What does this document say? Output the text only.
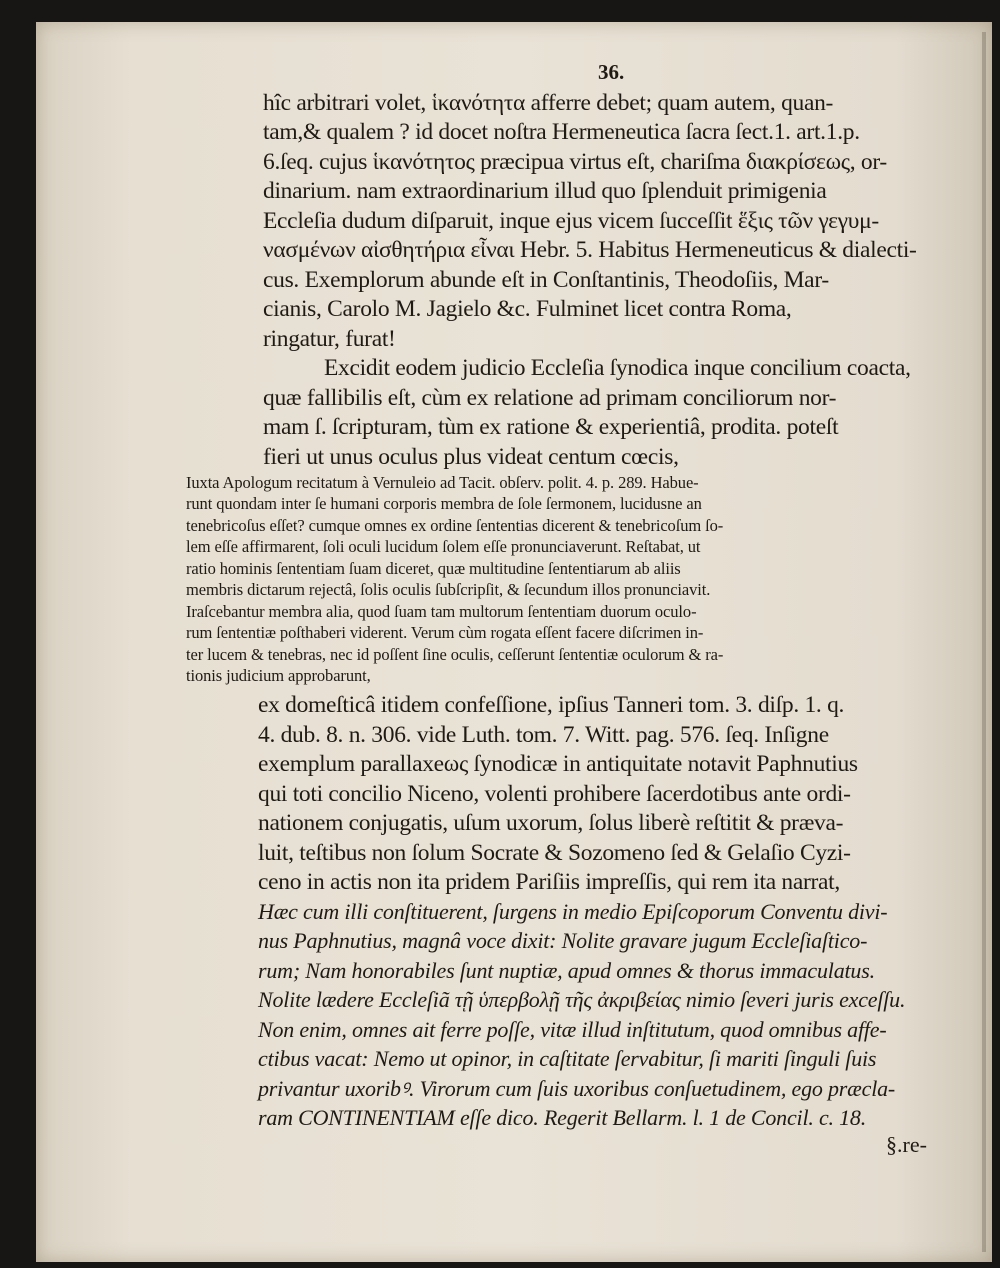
36.
hîc arbitrari volet, ἱκανότητα afferre debet; quam autem, quan-
tam,& qualem ? id docet noſtra Hermeneutica ſacra ſect.1. art.1.p.
6.ſeq. cujus ἱκανότητος præcipua virtus eſt, chariſma διακρίσεως, or-
dinarium. nam extraordinarium illud quo ſplenduit primigenia
Eccleſia dudum diſparuit, inque ejus vicem ſucceſſit ἕξις τῶν γεγυμ-
νασμένων αἰσθητήρια εἶναι Hebr. 5. Habitus Hermeneuticus & dialecti-
cus. Exemplorum abunde eſt in Conſtantinis, Theodoſiis, Mar-
cianis, Carolo M. Jagielo &c. Fulminet licet contra Roma,
ringatur, furat!
Excidit eodem judicio Eccleſia ſynodica inque concilium coacta,
quæ fallibilis eſt, cùm ex relatione ad primam conciliorum nor-
mam ſ. ſcripturam, tùm ex ratione & experientiâ, prodita. poteſt
fieri ut unus oculus plus videat centum cœcis,
Iuxta Apologum recitatum à Vernuleio ad Tacit. obſerv. polit. 4. p. 289. Habue-
runt quondam inter ſe humani corporis membra de ſole ſermonem, lucidusne an
tenebricoſus eſſet? cumque omnes ex ordine ſententias dicerent & tenebricoſum ſo-
lem eſſe affirmarent, ſoli oculi lucidum ſolem eſſe pronunciaverunt. Reſtabat, ut
ratio hominis ſententiam ſuam diceret, quæ multitudine ſententiarum ab aliis
membris dictarum rejectâ, ſolis oculis ſubſcripſit, & ſecundum illos pronunciavit.
Iraſcebantur membra alia, quod ſuam tam multorum ſententiam duorum oculo-
rum ſententiæ poſthaberi viderent. Verum cùm rogata eſſent facere diſcrimen in-
ter lucem & tenebras, nec id poſſent ſine oculis, ceſſerunt ſententiæ oculorum & ra-
tionis judicium approbarunt,
ex domeſticâ itidem confeſſione, ipſius Tanneri tom. 3. diſp. 1. q.
4. dub. 8. n. 306. vide Luth. tom. 7. Witt. pag. 576. ſeq. Inſigne
exemplum parallaxeως ſynodicæ in antiquitate notavit Paphnutius
qui toti concilio Niceno, volenti prohibere ſacerdotibus ante ordi-
nationem conjugatis, uſum uxorum, ſolus liberè reſtitit & præva-
luit, teſtibus non ſolum Socrate & Sozomeno ſed & Gelaſio Cyzi-
ceno in actis non ita pridem Pariſiis impreſſis, qui rem ita narrat,
Hæc cum illi conſtituerent, ſurgens in medio Epiſcoporum Conventu divi-
nus Paphnutius, magnâ voce dixit: Nolite gravare jugum Eccleſiaſtico-
rum; Nam honorabiles ſunt nuptiæ, apud omnes & thorus immaculatus.
Nolite lædere Eccleſiã τῇ ὑπερβολῇ τῆς ἀκριβείας nimio ſeveri juris exceſſu.
Non enim, omnes ait ferre poſſe, vitæ illud inſtitutum, quod omnibus affe-
ctibus vacat: Nemo ut opinor, in caſtitate ſervabitur, ſi mariti ſinguli ſuis
privantur uxoribꝰ. Virorum cum ſuis uxoribus conſuetudinem, ego præcla-
ram CONTINENTIAM eſſe dico. Regerit Bellarm. l. 1 de Concil. c. 18.
§.re-
